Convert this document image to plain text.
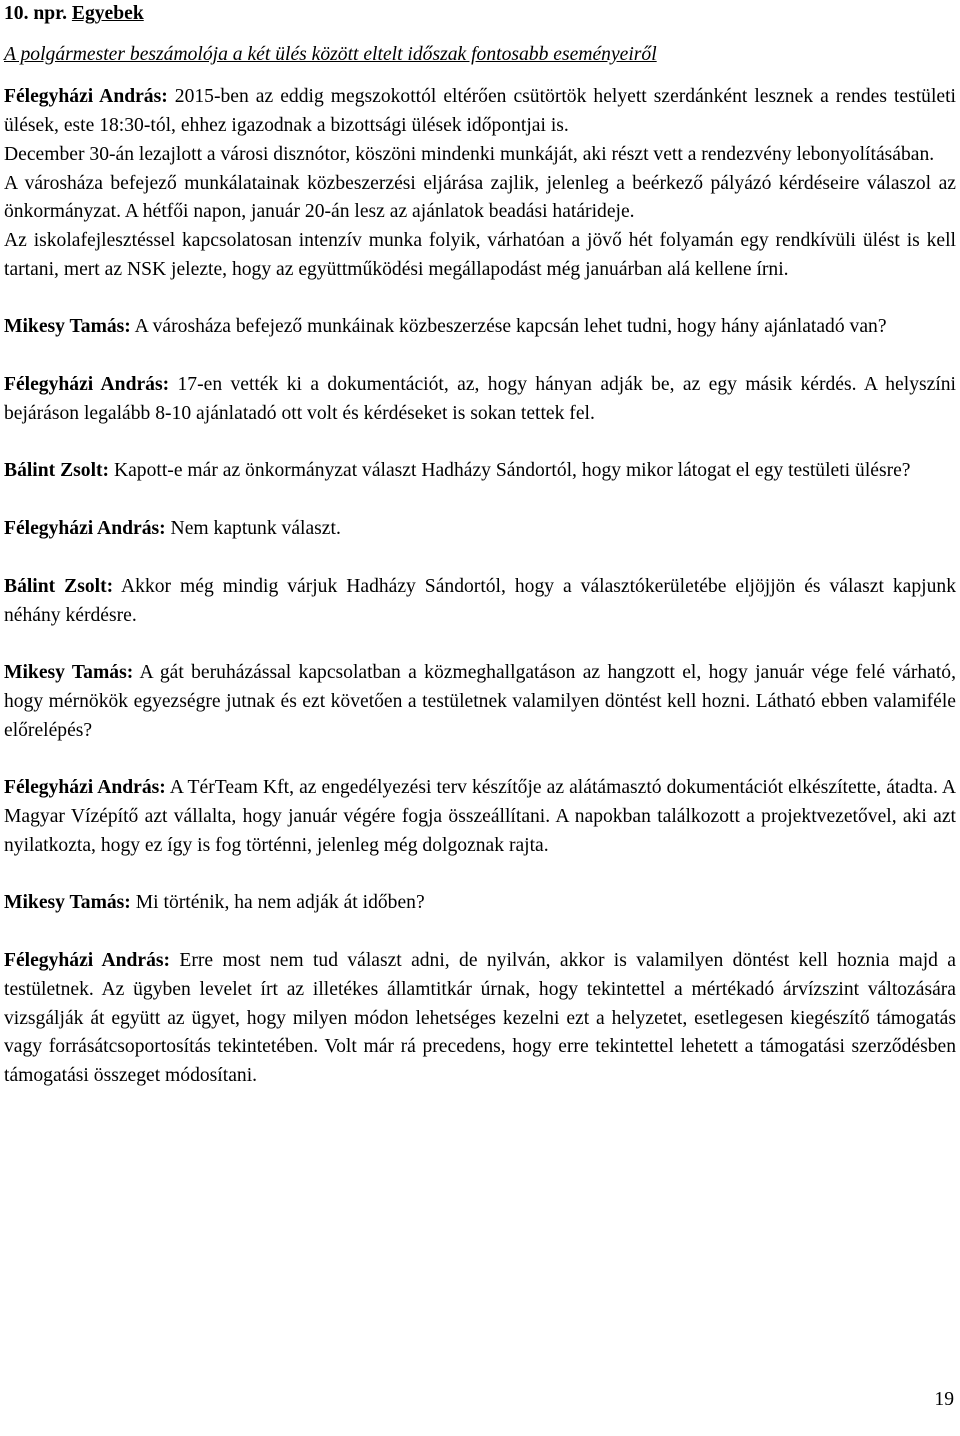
10. npr. Egyebek

A polgármester beszámolója a két ülés között eltelt időszak fontosabb eseményeiről

Félegyházi András: 2015-ben az eddig megszokottól eltérően csütörtök helyett szerdánként lesznek a rendes testületi ülések, este 18:30-tól, ehhez igazodnak a bizottsági ülések időpontjai is.

December 30-án lezajlott a városi disznótor, köszöni mindenki munkáját, aki részt vett a rendezvény lebonyolításában.

A városháza befejező munkálatainak közbeszerzési eljárása zajlik, jelenleg a beérkező pályázó kérdéseire válaszol az önkormányzat. A hétfői napon, január 20-án lesz az ajánlatok beadási határideje.

Az iskolafejlesztéssel kapcsolatosan intenzív munka folyik, várhatóan a jövő hét folyamán egy rendkívüli ülést is kell tartani, mert az NSK jelezte, hogy az együttműködési megállapodást még januárban alá kellene írni.

Mikesy Tamás: A városháza befejező munkáinak közbeszerzése kapcsán lehet tudni, hogy hány ajánlatadó van?

Félegyházi András: 17-en vették ki a dokumentációt, az, hogy hányan adják be, az egy másik kérdés. A helyszíni bejáráson legalább 8-10 ajánlatadó ott volt és kérdéseket is sokan tettek fel.

Bálint Zsolt: Kapott-e már az önkormányzat választ Hadházy Sándortól, hogy mikor látogat el egy testületi ülésre?

Félegyházi András: Nem kaptunk választ.

Bálint Zsolt: Akkor még mindig várjuk Hadházy Sándortól, hogy a választókerületébe eljöjjön és választ kapjunk néhány kérdésre.

Mikesy Tamás: A gát beruházással kapcsolatban a közmeghallgatáson az hangzott el, hogy január vége felé várható, hogy mérnökök egyezségre jutnak és ezt követően a testületnek valamilyen döntést kell hozni. Látható ebben valamiféle előrelépés?

Félegyházi András: A TérTeam Kft, az engedélyezési terv készítője az alátámasztó dokumentációt elkészítette, átadta. A Magyar Vízépítő azt vállalta, hogy január végére fogja összeállítani. A napokban találkozott a projektvezetővel, aki azt nyilatkozta, hogy ez így is fog történni, jelenleg még dolgoznak rajta.

Mikesy Tamás: Mi történik, ha nem adják át időben?

Félegyházi András: Erre most nem tud választ adni, de nyilván, akkor is valamilyen döntést kell hoznia majd a testületnek. Az ügyben levelet írt az illetékes államtitkár úrnak, hogy tekintettel a mértékadó árvízszint változására vizsgálják át együtt az ügyet, hogy milyen módon lehetséges kezelni ezt a helyzetet, esetlegesen kiegészítő támogatás vagy forrásátcsoportosítás tekintetében. Volt már rá precedens, hogy erre tekintettel lehetett a támogatási szerződésben támogatási összeget módosítani.

19
